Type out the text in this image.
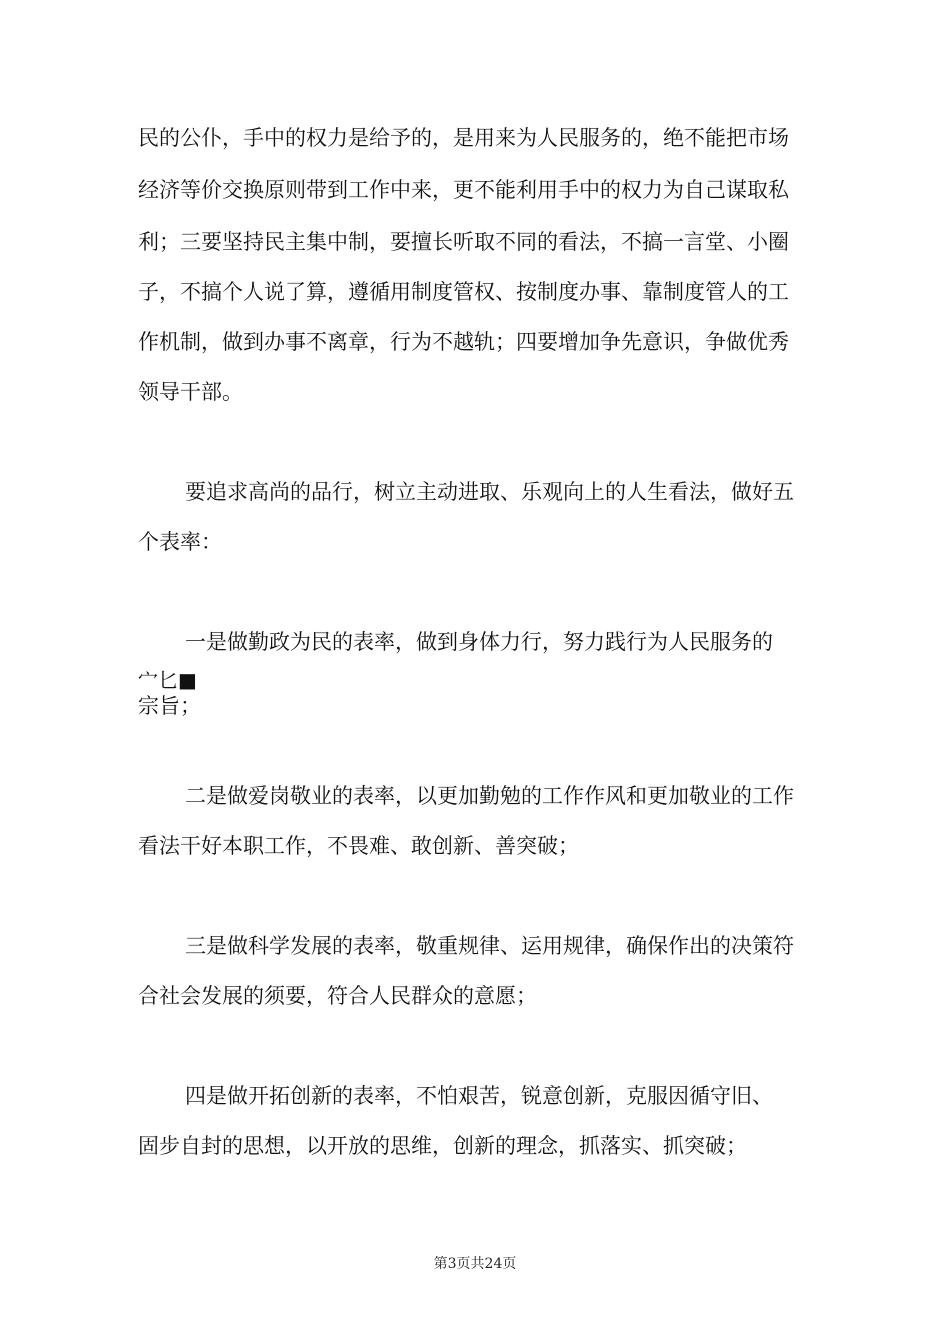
民的公仆，手中的权力是给予的，是用来为人民服务的，绝不能把市场
经济等价交换原则带到工作中来，更不能利用手中的权力为自己谋取私
利；三要坚持民主集中制，要擅长听取不同的看法，不搞一言堂、小圈
子，不搞个人说了算，遵循用制度管权、按制度办事、靠制度管人的工
作机制，做到办事不离章，行为不越轨；四要增加争先意识，争做优秀
领导干部。
要追求高尚的品行，树立主动进取、乐观向上的人生看法，做好五
个表率：
一是做勤政为民的表率，做到身体力行，努力践行为人民服务的
宀匕■
宗旨；
二是做爱岗敬业的表率，以更加勤勉的工作作风和更加敬业的工作
看法干好本职工作，不畏难、敢创新、善突破；
三是做科学发展的表率，敬重规律、运用规律，确保作出的决策符
合社会发展的须要，符合人民群众的意愿；
四是做开拓创新的表率，不怕艰苦，锐意创新，克服因循守旧、
固步自封的思想，以开放的思维，创新的理念，抓落实、抓突破；
第3页共24页
